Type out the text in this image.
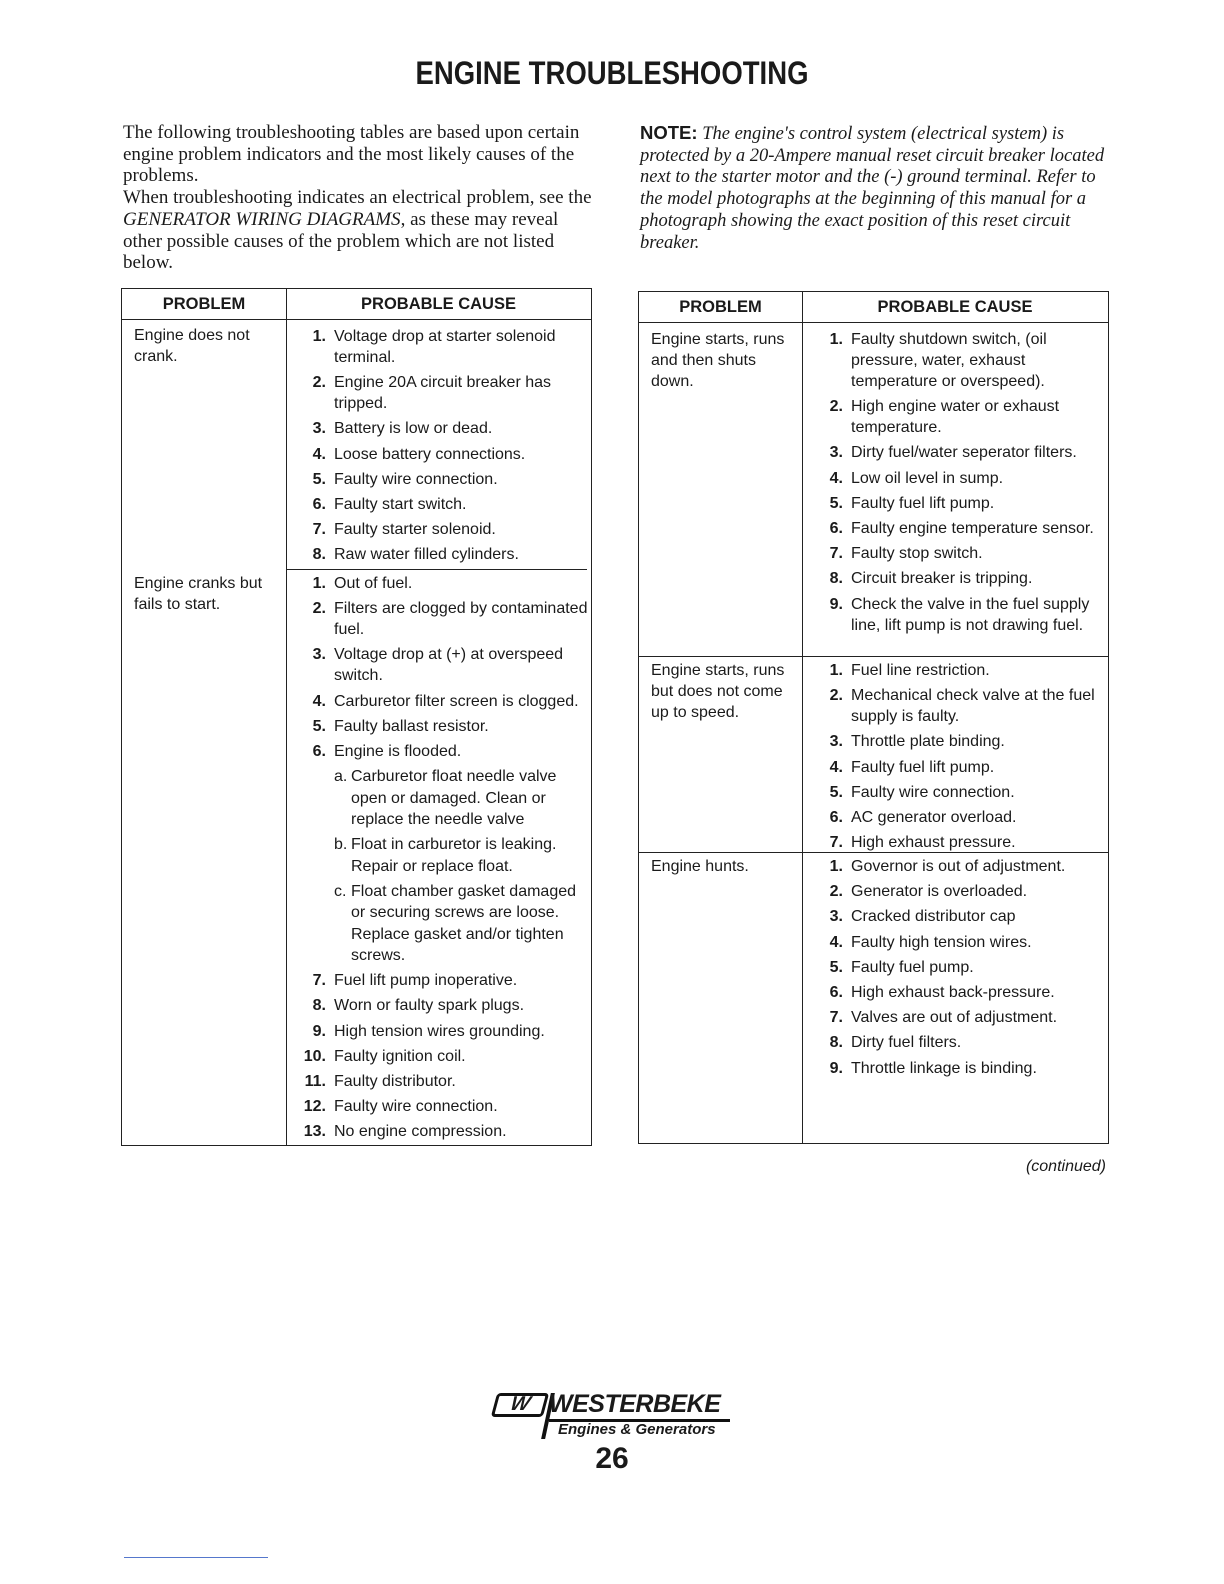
ENGINE TROUBLESHOOTING

The following troubleshooting tables are based upon certain engine problem indicators and the most likely causes of the problems.

When troubleshooting indicates an electrical problem, see the GENERATOR WIRING DIAGRAMS, as these may reveal other possible causes of the problem which are not listed below.

NOTE: The engine's control system (electrical system) is protected by a 20-Ampere manual reset circuit breaker located next to the starter motor and the (-) ground terminal. Refer to the model photographs at the beginning of this manual for a photograph showing the exact position of this reset circuit breaker.
PROBLEM	PROBABLE CAUSE
Engine does not crank.
1. Voltage drop at starter solenoid terminal.
2. Engine 20A circuit breaker has tripped.
3. Battery is low or dead.
4. Loose battery connections.
5. Faulty wire connection.
6. Faulty start switch.
7. Faulty starter solenoid.
8. Raw water filled cylinders.
Engine cranks but fails to start.
1. Out of fuel.
2. Filters are clogged by contaminated fuel.
3. Voltage drop at (+) at overspeed switch.
4. Carburetor filter screen is clogged.
5. Faulty ballast resistor.
6. Engine is flooded.
a. Carburetor float needle valve open or damaged. Clean or replace the needle valve
b. Float in carburetor is leaking. Repair or replace float.
c. Float chamber gasket damaged or securing screws are loose. Replace gasket and/or tighten screws.
7. Fuel lift pump inoperative.
8. Worn or faulty spark plugs.
9. High tension wires grounding.
10. Faulty ignition coil.
11. Faulty distributor.
12. Faulty wire connection.
13. No engine compression.
PROBLEM	PROBABLE CAUSE
Engine starts, runs and then shuts down.
1. Faulty shutdown switch, (oil pressure, water, exhaust temperature or overspeed).
2. High engine water or exhaust temperature.
3. Dirty fuel/water seperator filters.
4. Low oil level in sump.
5. Faulty fuel lift pump.
6. Faulty engine temperature sensor.
7. Faulty stop switch.
8. Circuit breaker is tripping.
9. Check the valve in the fuel supply line, lift pump is not drawing fuel.
Engine starts, runs but does not come up to speed.
1. Fuel line restriction.
2. Mechanical check valve at the fuel supply is faulty.
3. Throttle plate binding.
4. Faulty fuel lift pump.
5. Faulty wire connection.
6. AC generator overload.
7. High exhaust pressure.
Engine hunts.	1. Governor is out of adjustment.
2. Generator is overloaded.
3. Cracked distributor cap
4. Faulty high tension wires.
5. Faulty fuel pump.
6. High exhaust back-pressure.
7. Valves are out of adjustment.
8. Dirty fuel filters.
9. Throttle linkage is binding.
(continued)
W WESTERBEKE
Engines & Generators
26
